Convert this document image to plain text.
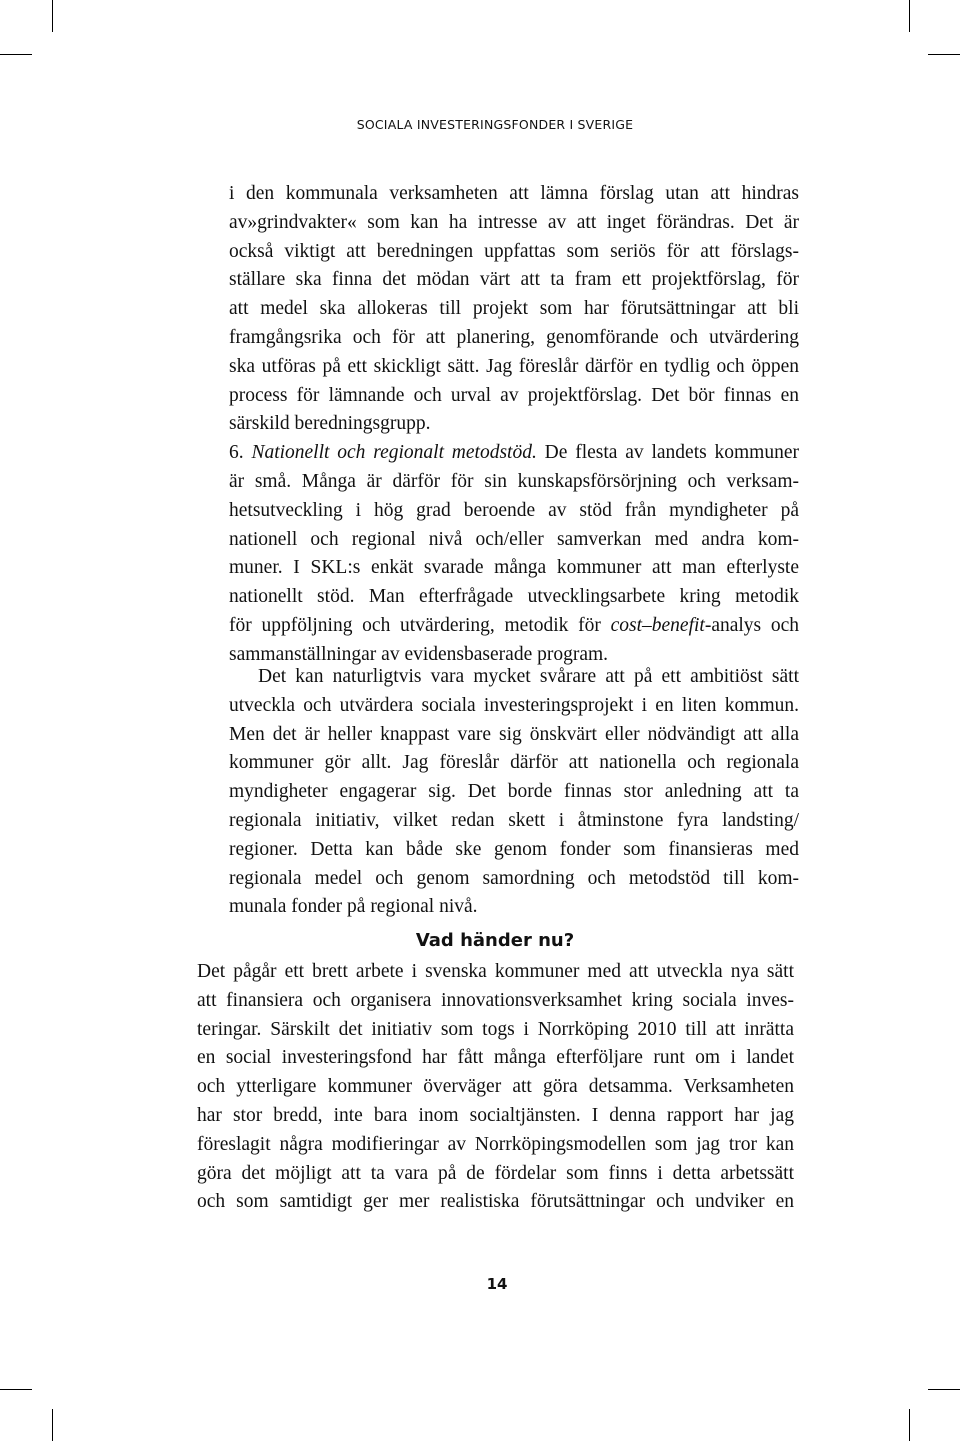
SOCIALA INVESTERINGSFONDER I SVERIGE
i den kommunala verksamheten att lämna förslag utan att hindras
av»grindvakter« som kan ha intresse av att inget förändras. Det är
också viktigt att beredningen uppfattas som seriös för att förslags-
ställare ska finna det mödan värt att ta fram ett projektförslag, för
att medel ska allokeras till projekt som har förutsättningar att bli
framgångsrika och för att planering, genomförande och utvärdering
ska utföras på ett skickligt sätt. Jag föreslår därför en tydlig och öppen
process för lämnande och urval av projektförslag. Det bör finnas en
särskild beredningsgrupp.
6. Nationellt och regionalt metodstöd. De flesta av landets kommuner
är små. Många är därför för sin kunskapsförsörjning och verksam-
hetsutveckling i hög grad beroende av stöd från myndigheter på
nationell och regional nivå och/eller samverkan med andra kom-
muner. I SKL:s enkät svarade många kommuner att man efterlyste
nationellt stöd. Man efterfrågade utvecklingsarbete kring metodik
för uppföljning och utvärdering, metodik för cost–benefit-analys och
sammanställningar av evidensbaserade program.
Det kan naturligtvis vara mycket svårare att på ett ambitiöst sätt
utveckla och utvärdera sociala investeringsprojekt i en liten kommun.
Men det är heller knappast vare sig önskvärt eller nödvändigt att alla
kommuner gör allt. Jag föreslår därför att nationella och regionala
myndigheter engagerar sig. Det borde finnas stor anledning att ta
regionala initiativ, vilket redan skett i åtminstone fyra landsting/
regioner. Detta kan både ske genom fonder som finansieras med
regionala medel och genom samordning och metodstöd till kom-
munala fonder på regional nivå.
Vad händer nu?
Det pågår ett brett arbete i svenska kommuner med att utveckla nya sätt
att finansiera och organisera innovationsverksamhet kring sociala inves-
teringar. Särskilt det initiativ som togs i Norrköping 2010 till att inrätta
en social investeringsfond har fått många efterföljare runt om i landet
och ytterligare kommuner överväger att göra detsamma. Verksamheten
har stor bredd, inte bara inom socialtjänsten. I denna rapport har jag
föreslagit några modifieringar av Norrköpingsmodellen som jag tror kan
göra det möjligt att ta vara på de fördelar som finns i detta arbetssätt
och som samtidigt ger mer realistiska förutsättningar och undviker en
14
